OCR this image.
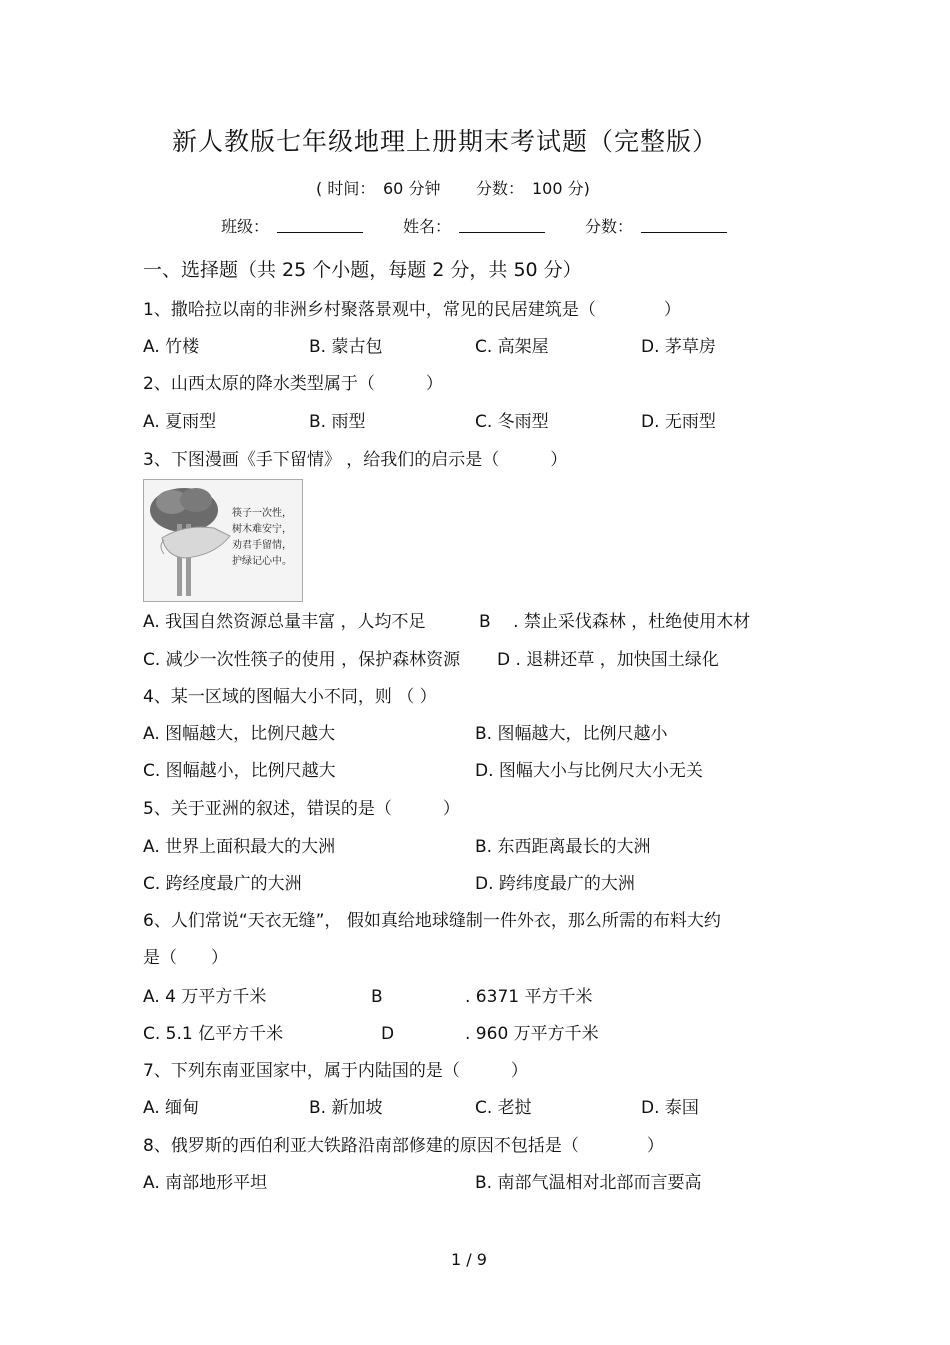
新人教版七年级地理上册期末考试题（完整版）
( 时间： 60 分钟 分数： 100 分)
班级：	姓名：	分数：
一、选择题（共 25 个小题，每题 2 分，共 50 分）
1、撒哈拉以南的非洲乡村聚落景观中，常见的民居建筑是（　　　　）
A. 竹楼	B. 蒙古包	C. 高架屋	D. 茅草房
2、山西太原的降水类型属于（　　　）
A. 夏雨型	B. 雨型	C. 冬雨型	D. 无雨型
3、下图漫画《手下留情》 ，给我们的启示是（　　　）
筷子一次性，
树木难安宁，
劝君手留情，
护绿记心中。
A. 我国自然资源总量丰富 ，人均不足	B　 . 禁止采伐森林 ，杜绝使用木材
C. 减少一次性筷子的使用 ，保护森林资源 D . 退耕还草 ，加快国土绿化
4、某一区域的图幅大小不同，则 （ ）
A. 图幅越大，比例尺越大	B. 图幅越大，比例尺越小
C. 图幅越小，比例尺越大	D. 图幅大小与比例尺大小无关
5、关于亚洲的叙述，错误的是（　　　）
A. 世界上面积最大的大洲	B. 东西距离最长的大洲
C. 跨经度最广的大洲	D. 跨纬度最广的大洲
6、人们常说“天衣无缝”， 假如真给地球缝制一件外衣，那么所需的布料大约
是（　　）
A. 4 万平方千米	B	. 6371 平方千米
C. 5.1 亿平方千米	D	. 960 万平方千米
7、下列东南亚国家中，属于内陆国的是（　　　）
A. 缅甸	B. 新加坡	C. 老挝	D. 泰国
8、俄罗斯的西伯利亚大铁路沿南部修建的原因不包括是（　　　　）
A. 南部地形平坦	B. 南部气温相对北部而言要高
1 / 9
